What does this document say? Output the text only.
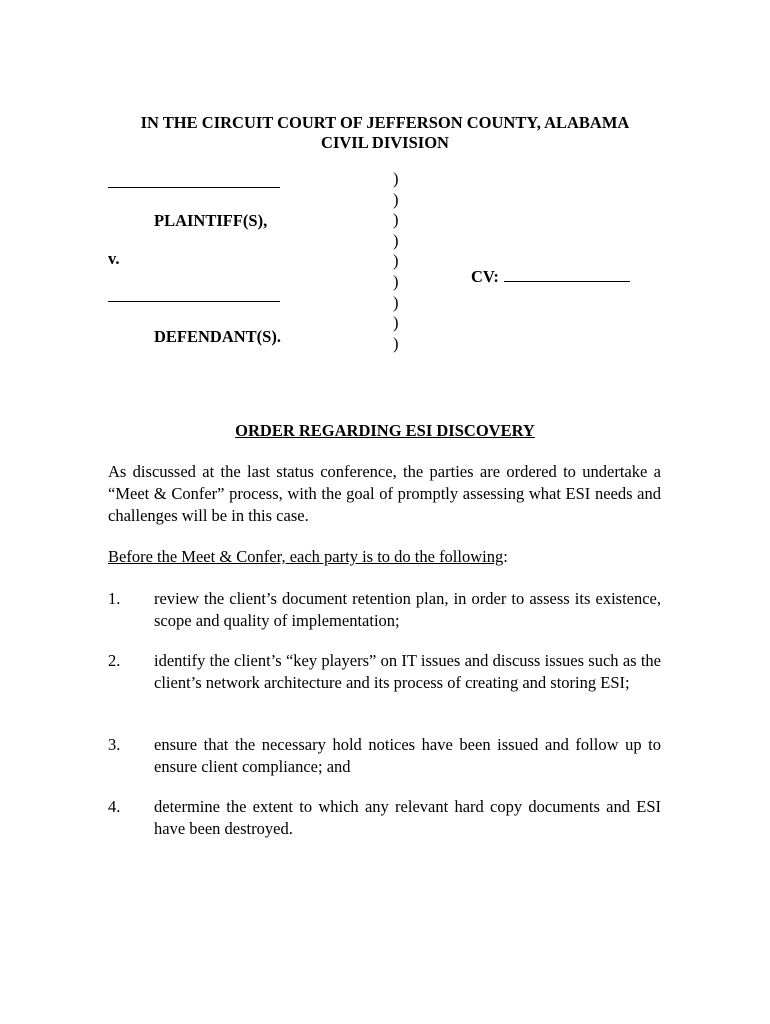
IN THE CIRCUIT COURT OF JEFFERSON COUNTY, ALABAMA
CIVIL DIVISION
PLAINTIFF(S),
v.
DEFENDANT(S).
)
)
)
)
)
)
)
)
)
CV:
ORDER REGARDING ESI DISCOVERY
As discussed at the last status conference, the parties are ordered to undertake a “Meet & Confer” process, with the goal of promptly assessing what ESI needs and challenges will be in this case.
Before the Meet & Confer, each party is to do the following:
1.	review the client’s document retention plan, in order to assess its existence, scope and quality of implementation;
2.	identify the client’s “key players” on IT issues and discuss issues such as the client’s network architecture and its process of creating and storing ESI;
3.	ensure that the necessary hold notices have been issued and follow up to ensure client compliance; and
4.	determine the extent to which any relevant hard copy documents and ESI have been destroyed.
